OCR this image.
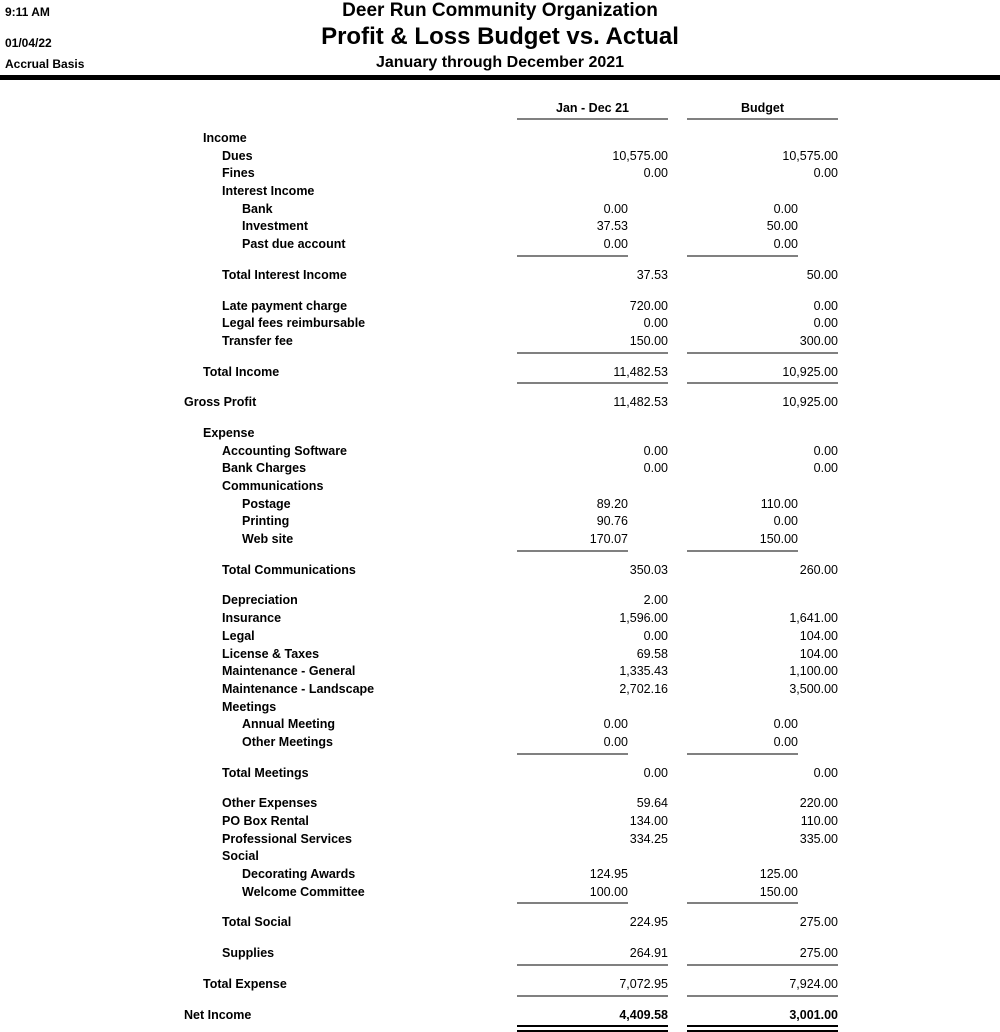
9:11 AM
01/04/22
Accrual Basis
Deer Run Community Organization
Profit & Loss Budget vs. Actual
January through December 2021
Jan - Dec 21	Budget
Income
Dues	10,575.00	10,575.00
Fines	0.00	0.00
Interest Income
Bank	0.00	0.00
Investment	37.53	50.00
Past due account	0.00	0.00
Total Interest Income	37.53	50.00
Late payment charge	720.00	0.00
Legal fees reimbursable	0.00	0.00
Transfer fee	150.00	300.00
Total Income	11,482.53	10,925.00
Gross Profit	11,482.53	10,925.00
Expense
Accounting Software	0.00	0.00
Bank Charges	0.00	0.00
Communications
Postage	89.20	110.00
Printing	90.76	0.00
Web site	170.07	150.00
Total Communications	350.03	260.00
Depreciation	2.00
Insurance	1,596.00	1,641.00
Legal	0.00	104.00
License & Taxes	69.58	104.00
Maintenance - General	1,335.43	1,100.00
Maintenance - Landscape	2,702.16	3,500.00
Meetings
Annual Meeting	0.00	0.00
Other Meetings	0.00	0.00
Total Meetings	0.00	0.00
Other Expenses	59.64	220.00
PO Box Rental	134.00	110.00
Professional Services	334.25	335.00
Social
Decorating Awards	124.95	125.00
Welcome Committee	100.00	150.00
Total Social	224.95	275.00
Supplies	264.91	275.00
Total Expense	7,072.95	7,924.00
Net Income	4,409.58	3,001.00
